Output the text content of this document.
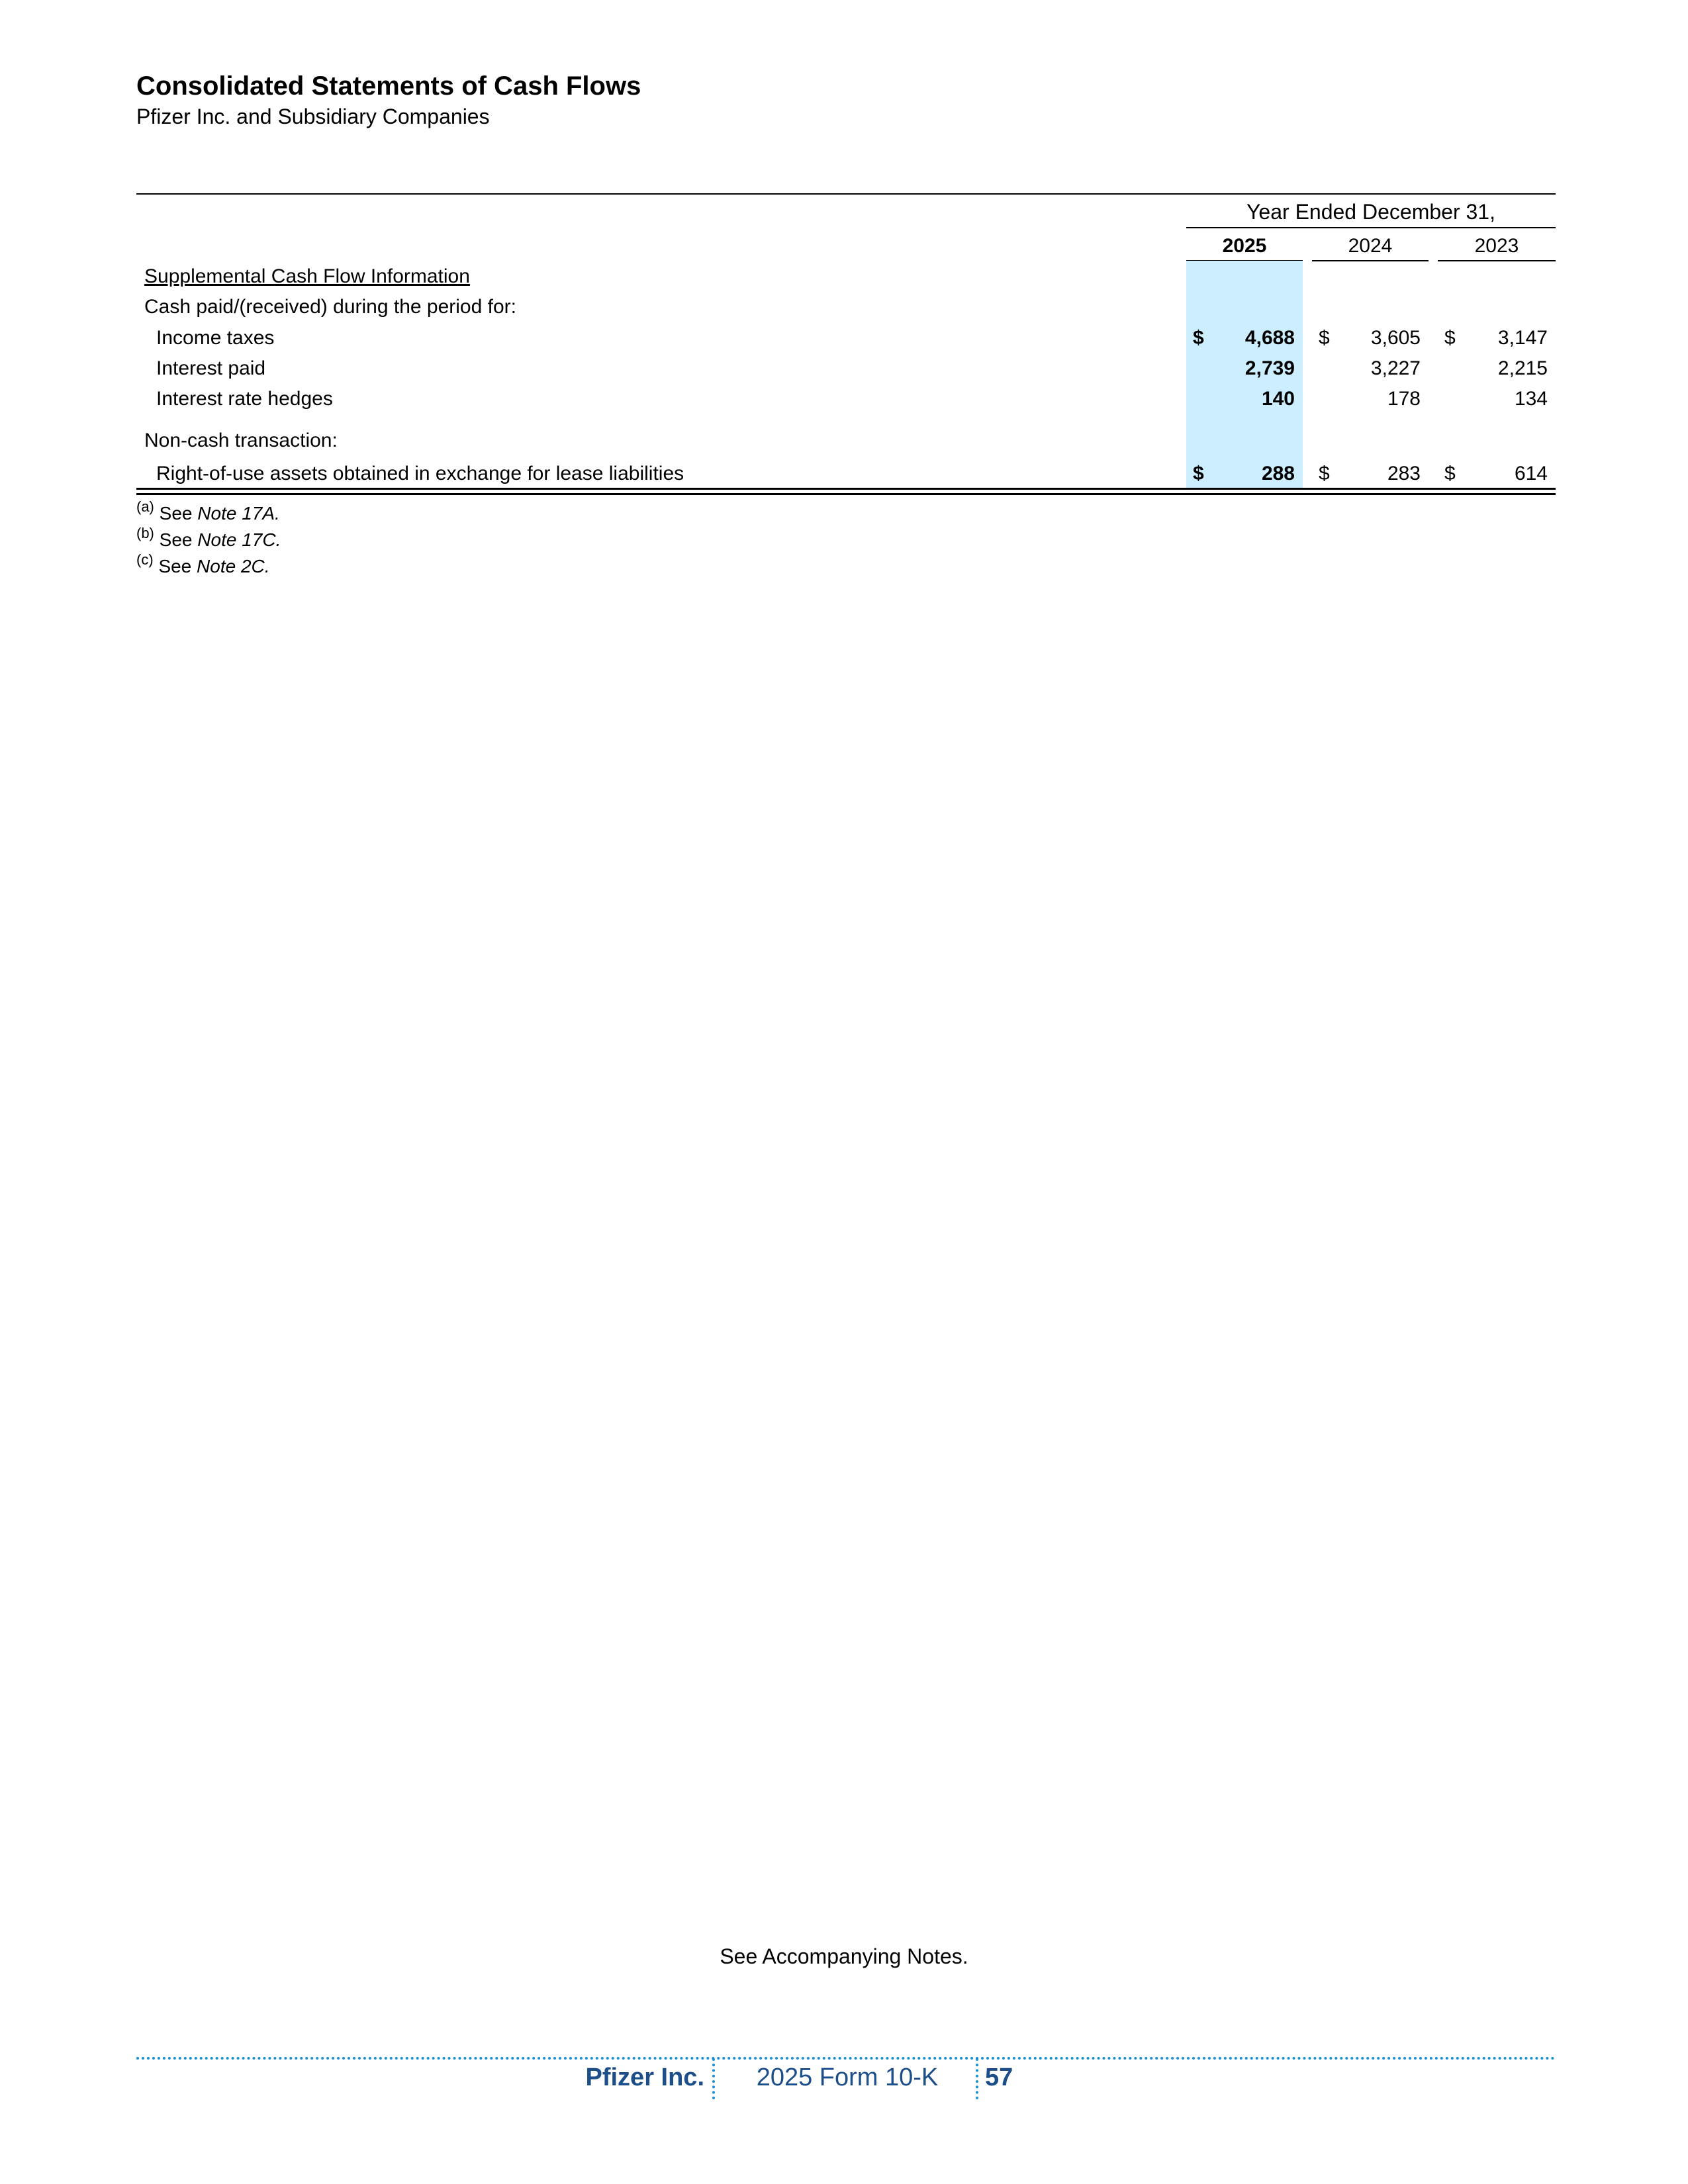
Consolidated Statements of Cash Flows
Pfizer Inc. and Subsidiary Companies
Year Ended December 31,
2025	2024	2023
Supplemental Cash Flow Information
Cash paid/(received) during the period for:
Income taxes	$	4,688 $	3,605 $	3,147
Interest paid	2,739	3,227	2,215
Interest rate hedges	140	178	134
Non-cash transaction:
Right-of-use assets obtained in exchange for lease liabilities	$	288 $	283 $	614
$^{(a)}$ See Note 17A.
$^{(b)}$ See Note 17C.
$^{(c)}$ See Note 2C.
See Accompanying Notes.
Pfizer Inc.	2025 Form 10-K	57
